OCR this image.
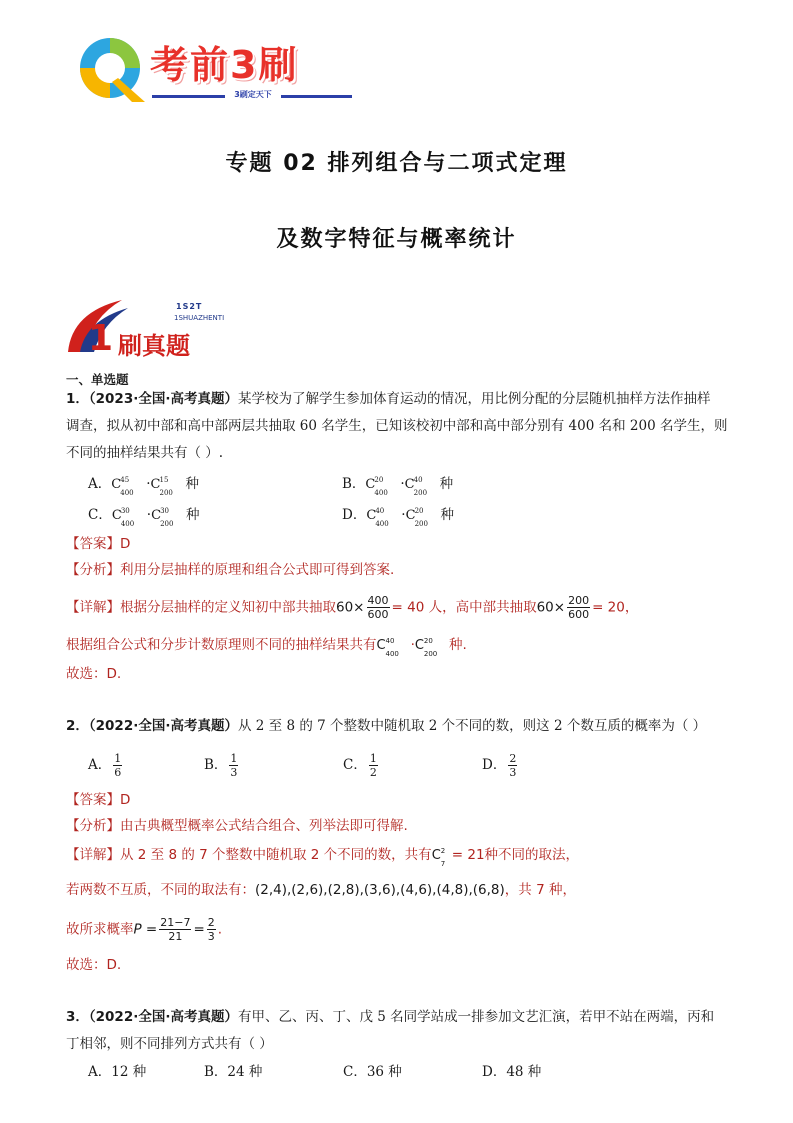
考前3刷
3刷定天下
专题 02 排列组合与二项式定理
及数字特征与概率统计
1 刷真题
1S2T
1SHUAZHENTI
一、单选题
1．（2023·全国·高考真题）某学校为了解学生参加体育运动的情况，用比例分配的分层随机抽样方法作抽样
调查，拟从初中部和高中部两层共抽取 60 名学生，已知该校初中部和高中部分别有 400 名和 200 名学生，则
不同的抽样结果共有（ ）.
A．C 45
400
·C 15
200
种	B．C 20
400
·C 40
200
种
C．C 30
400
·C 30
200
种	D．C 40
400
·C 20
200
种
【答案】D
【分析】利用分层抽样的原理和组合公式即可得到答案.
【详解】根据分层抽样的定义知初中部共抽取$60\times \frac{400}{600} = 40$ 人，高中部共抽取$60\times \frac{200}{600} = 20$，
根据组合公式和分步计数原理则不同的抽样结果共有C 40
400
·C 20
200
种.
故选：D.
2．（2022·全国·高考真题）从 2 至 8 的 7 个整数中随机取 2 个不同的数，则这 2 个数互质的概率为（ ）
A． $\frac{1}{6}$	B． $\frac{1}{3}$	C． $\frac{1}{2}$	D． $\frac{2}{3}$
【答案】D
【分析】由古典概型概率公式结合组合、列举法即可得解.
【详解】从 2 至 8 的 7 个整数中随机取 2 个不同的数，共有C 2
7
= 21种不同的取法，
若两数不互质，不同的取法有：(2,4),(2,6),(2,8),(3,6),(4,6),(4,8),(6,8)，共 7 种，
故所求概率$P = \frac{21-7}{21} = \frac{2}{3}$ .
故选：D.
3．（2022·全国·高考真题）有甲、乙、丙、丁、戊 5 名同学站成一排参加文艺汇演，若甲不站在两端，丙和
丁相邻，则不同排列方式共有（ ）
A．12 种	B．24 种	C．36 种	D．48 种
